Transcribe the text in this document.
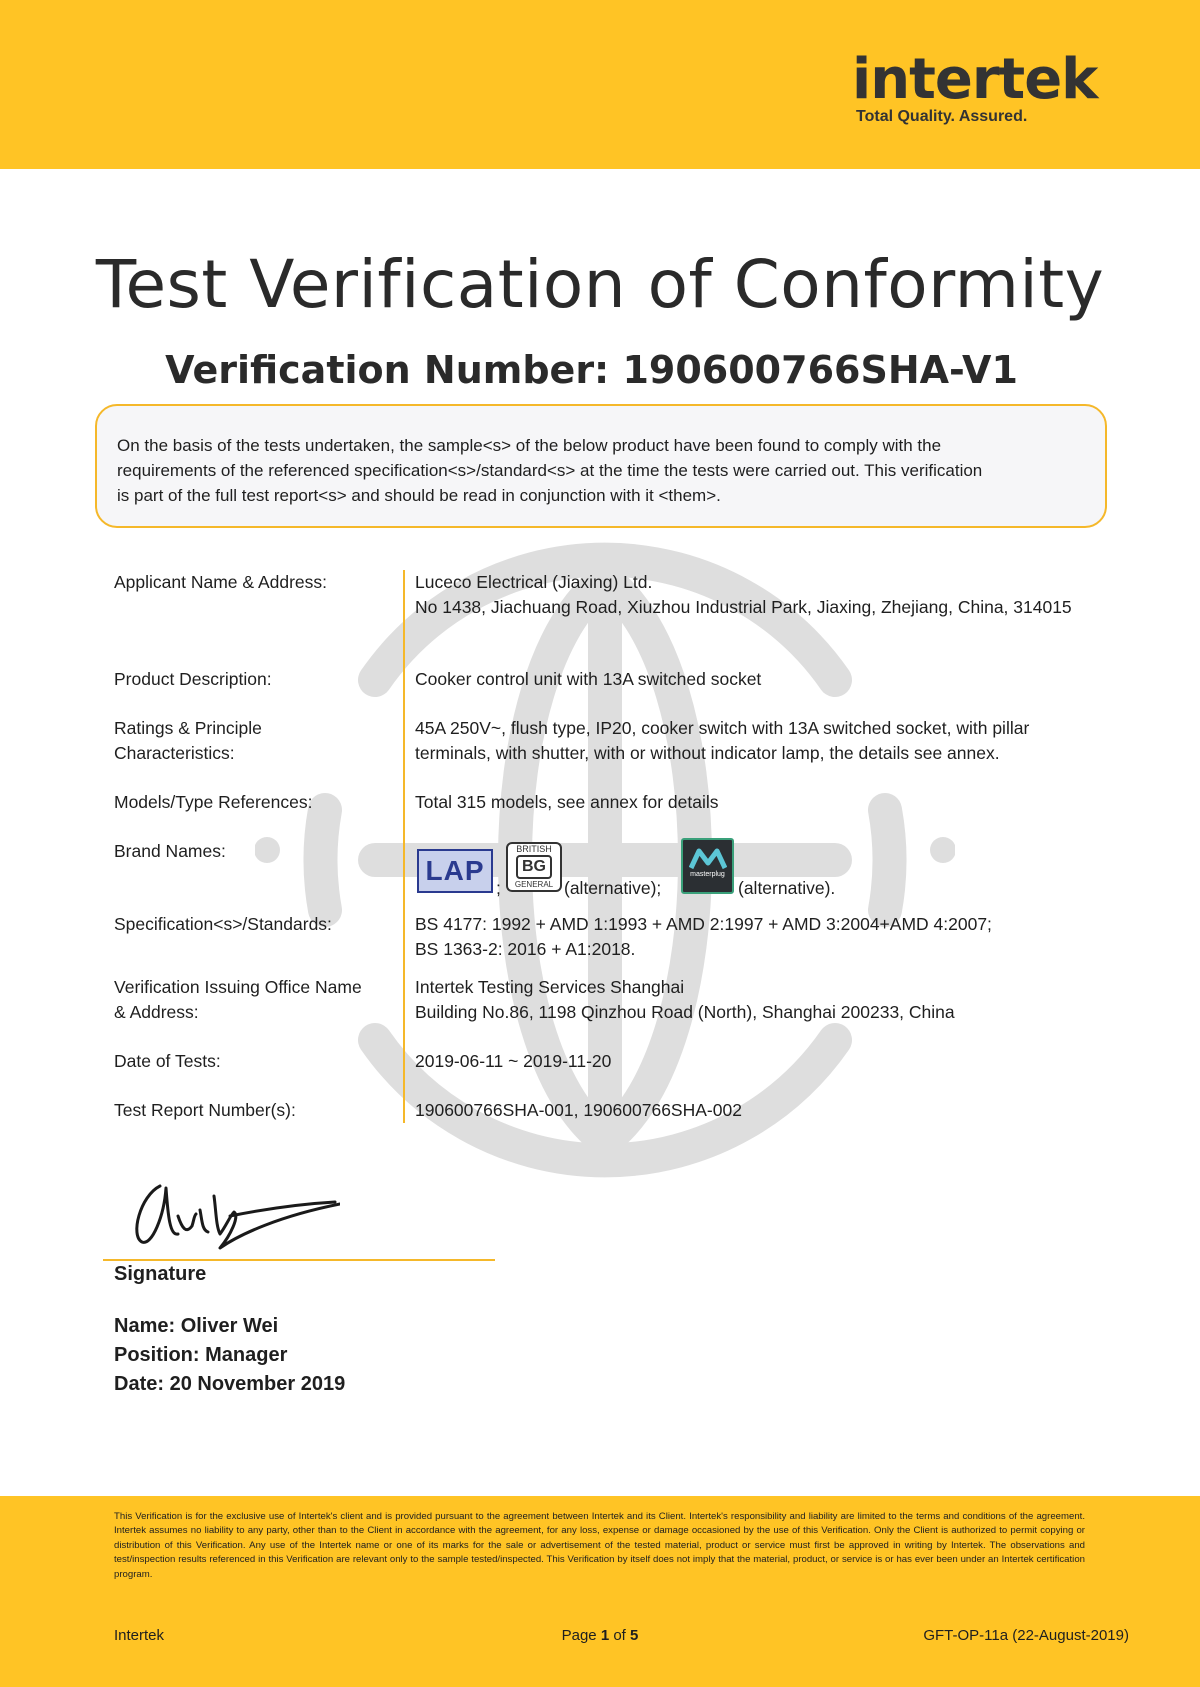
intertek
Total Quality. Assured.
Test Verification of Conformity
Verification Number: 190600766SHA-V1
On the basis of the tests undertaken, the sample<s> of the below product have been found to comply with the
requirements of the referenced specification<s>/standard<s> at the time the tests were carried out. This verification
is part of the full test report<s> and should be read in conjunction with it <them>.
Applicant Name & Address:	Luceco Electrical (Jiaxing) Ltd.
No 1438, Jiachuang Road, Xiuzhou Industrial Park, Jiaxing, Zhejiang, China, 314015
Product Description:	Cooker control unit with 13A switched socket
Ratings & Principle
Characteristics:
45A 250V~, flush type, IP20, cooker switch with 13A switched socket, with pillar
terminals, with shutter, with or without indicator lamp, the details see annex.
Models/Type References:	Total 315 models, see annex for details
Brand Names:
LAP
;
BRITISH
BG
GENERAL (alternative);
masterplug
(alternative).
Specification<s>/Standards:	BS 4177: 1992 + AMD 1:1993 + AMD 2:1997 + AMD 3:2004+AMD 4:2007;
BS 1363-2: 2016 + A1:2018.
Verification Issuing Office Name
& Address:
Intertek Testing Services Shanghai
Building No.86, 1198 Qinzhou Road (North), Shanghai 200233, China
Date of Tests:	2019-06-11 ~ 2019-11-20
Test Report Number(s):	190600766SHA-001, 190600766SHA-002
Signature
Name: Oliver Wei
Position: Manager
Date: 20 November 2019
This Verification is for the exclusive use of Intertek's client and is provided pursuant to the agreement between Intertek and its Client. Intertek's responsibility and liability are limited to the terms and conditions of the agreement. Intertek assumes no liability to any party, other than to the Client in accordance with the agreement, for any loss, expense or damage occasioned by the use of this Verification. Only the Client is authorized to permit copying or distribution of this Verification. Any use of the Intertek name or one of its marks for the sale or advertisement of the tested material, product or service must first be approved in writing by Intertek. The observations and test/inspection results referenced in this Verification are relevant only to the sample tested/inspected. This Verification by itself does not imply that the material, product, or service is or has ever been under an Intertek certification program.
Intertek	Page 1 of 5	GFT-OP-11a (22-August-2019)
